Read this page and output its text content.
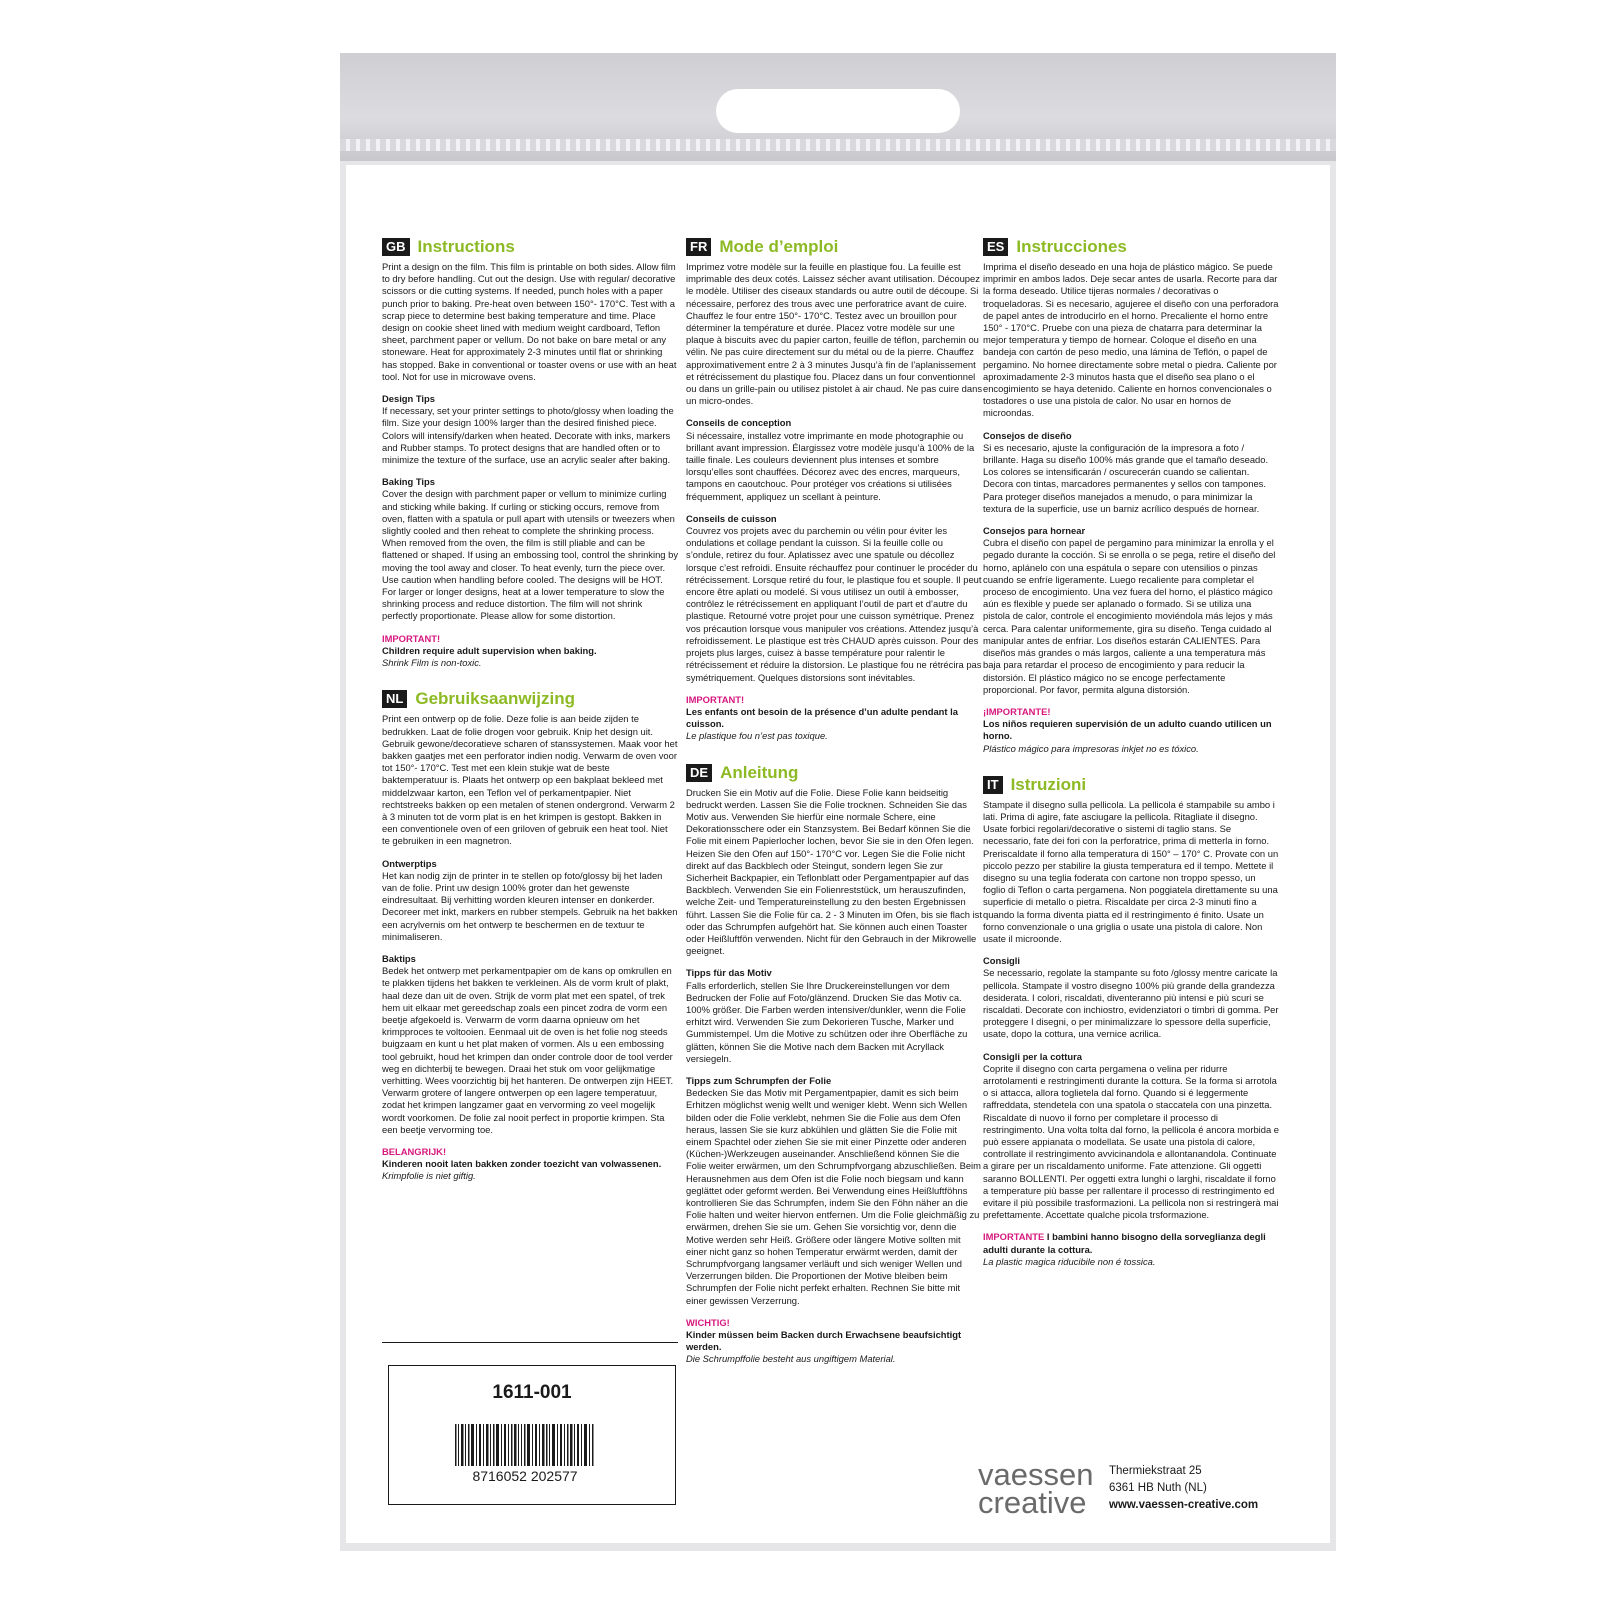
GB Instructions

Print a design on the film. This film is printable on both sides. Allow film to dry before handling. Cut out the design. Use with regular/ decorative scissors or die cutting systems. If needed, punch holes with a paper punch prior to baking. Pre-heat oven between 150°- 170°C. Test with a scrap piece to determine best baking temperature and time. Place design on cookie sheet lined with medium weight cardboard, Teflon sheet, parchment paper or vellum. Do not bake on bare metal or any stoneware. Heat for approximately 2-3 minutes until flat or shrinking has stopped. Bake in conventional or toaster ovens or use with an heat tool. Not for use in microwave ovens.

Design Tips

If necessary, set your printer settings to photo/glossy when loading the film. Size your design 100% larger than the desired finished piece. Colors will intensify/darken when heated. Decorate with inks, markers and Rubber stamps. To protect designs that are handled often or to minimize the texture of the surface, use an acrylic sealer after baking.

Baking Tips

Cover the design with parchment paper or vellum to minimize curling and sticking while baking. If curling or sticking occurs, remove from oven, flatten with a spatula or pull apart with utensils or tweezers when slightly cooled and then reheat to complete the shrinking process. When removed from the oven, the film is still pliable and can be flattened or shaped. If using an embossing tool, control the shrinking by moving the tool away and closer. To heat evenly, turn the piece over. Use caution when handling before cooled. The designs will be HOT. For larger or longer designs, heat at a lower temperature to slow the shrinking process and reduce distortion. The film will not shrink perfectly proportionate. Please allow for some distortion.

IMPORTANT!

Children require adult supervision when baking.

Shrink Film is non-toxic.

NL Gebruiksaanwijzing

Print een ontwerp op de folie. Deze folie is aan beide zijden te bedrukken. Laat de folie drogen voor gebruik. Knip het design uit. Gebruik gewone/decoratieve scharen of stanssystemen. Maak voor het bakken gaatjes met een perforator indien nodig. Verwarm de oven voor tot 150°- 170°C. Test met een klein stukje wat de beste baktemperatuur is. Plaats het ontwerp op een bakplaat bekleed met middelzwaar karton, een Teflon vel of perkamentpapier. Niet rechtstreeks bakken op een metalen of stenen ondergrond. Verwarm 2 à 3 minuten tot de vorm plat is en het krimpen is gestopt. Bakken in een conventionele oven of een griloven of gebruik een heat tool. Niet te gebruiken in een magnetron.

Ontwerptips

Het kan nodig zijn de printer in te stellen op foto/glossy bij het laden van de folie. Print uw design 100% groter dan het gewenste eindresultaat. Bij verhitting worden kleuren intenser en donkerder. Decoreer met inkt, markers en rubber stempels. Gebruik na het bakken een acrylvernis om het ontwerp te beschermen en de textuur te minimaliseren.

Baktips

Bedek het ontwerp met perkamentpapier om de kans op omkrullen en te plakken tijdens het bakken te verkleinen. Als de vorm krult of plakt, haal deze dan uit de oven. Strijk de vorm plat met een spatel, of trek hem uit elkaar met gereedschap zoals een pincet zodra de vorm een beetje afgekoeld is. Verwarm de vorm daarna opnieuw om het krimpproces te voltooien. Eenmaal uit de oven is het folie nog steeds buigzaam en kunt u het plat maken of vormen. Als u een embossing tool gebruikt, houd het krimpen dan onder controle door de tool verder weg en dichterbij te bewegen. Draai het stuk om voor gelijkmatige verhitting. Wees voorzichtig bij het hanteren. De ontwerpen zijn HEET. Verwarm grotere of langere ontwerpen op een lagere temperatuur, zodat het krimpen langzamer gaat en vervorming zo veel mogelijk wordt voorkomen. De folie zal nooit perfect in proportie krimpen. Sta een beetje vervorming toe.

BELANGRIJK!

Kinderen nooit laten bakken zonder toezicht van volwassenen.

Krimpfolie is niet giftig.

1611-001
8716052 202577
FR Mode d’emploi

Imprimez votre modèle sur la feuille en plastique fou. La feuille est imprimable des deux cotés. Laissez sécher avant utilisation. Découpez le modèle. Utiliser des ciseaux standards ou autre outil de découpe. Si nécessaire, perforez des trous avec une perforatrice avant de cuire. Chauffez le four entre 150°- 170°C. Testez avec un brouillon pour déterminer la température et durée. Placez votre modèle sur une plaque à biscuits avec du papier carton, feuille de téflon, parchemin ou vélin. Ne pas cuire directement sur du métal ou de la pierre. Chauffez approximativement entre 2 à 3 minutes Jusqu’à fin de l’aplanissement et rétrécissement du plastique fou. Placez dans un four conventionnel ou dans un grille-pain ou utilisez pistolet à air chaud. Ne pas cuire dans un micro-ondes.

Conseils de conception

Si nécessaire, installez votre imprimante en mode photographie ou brillant avant impression. Élargissez votre modèle jusqu’à 100% de la taille finale. Les couleurs deviennent plus intenses et sombre lorsqu’elles sont chauffées. Décorez avec des encres, marqueurs, tampons en caoutchouc. Pour protéger vos créations si utilisées fréquemment, appliquez un scellant à peinture.

Conseils de cuisson

Couvrez vos projets avec du parchemin ou vélin pour éviter les ondulations et collage pendant la cuisson. Si la feuille colle ou s’ondule, retirez du four. Aplatissez avec une spatule ou décollez lorsque c’est refroidi. Ensuite réchauffez pour continuer le procéder du rétrécissement. Lorsque retiré du four, le plastique fou et souple. Il peut encore être aplati ou modelé. Si vous utilisez un outil à embosser, contrôlez le rétrécissement en appliquant l’outil de part et d’autre du plastique. Retourné votre projet pour une cuisson symétrique. Prenez vos précaution lorsque vous manipuler vos créations. Attendez jusqu’à refroidissement. Le plastique est très CHAUD après cuisson. Pour des projets plus larges, cuisez à basse température pour ralentir le rétrécissement et réduire la distorsion. Le plastique fou ne rétrécira pas symétriquement. Quelques distorsions sont inévitables.

IMPORTANT!

Les enfants ont besoin de la présence d’un adulte pendant la cuisson.

Le plastique fou n’est pas toxique.

DE Anleitung

Drucken Sie ein Motiv auf die Folie. Diese Folie kann beidseitig bedruckt werden. Lassen Sie die Folie trocknen. Schneiden Sie das Motiv aus. Verwenden Sie hierfür eine normale Schere, eine Dekorationsschere oder ein Stanzsystem. Bei Bedarf können Sie die Folie mit einem Papierlocher lochen, bevor Sie sie in den Ofen legen. Heizen Sie den Ofen auf 150°- 170°C vor. Legen Sie die Folie nicht direkt auf das Backblech oder Steingut, sondern legen Sie zur Sicherheit Backpapier, ein Teflonblatt oder Pergamentpapier auf das Backblech. Verwenden Sie ein Folienreststück, um herauszufinden, welche Zeit- und Temperatureinstellung zu den besten Ergebnissen führt. Lassen Sie die Folie für ca. 2 - 3 Minuten im Ofen, bis sie flach ist oder das Schrumpfen aufgehört hat. Sie können auch einen Toaster oder Heißluftfön verwenden. Nicht für den Gebrauch in der Mikrowelle geeignet.

Tipps für das Motiv

Falls erforderlich, stellen Sie Ihre Druckereinstellungen vor dem Bedrucken der Folie auf Foto/glänzend. Drucken Sie das Motiv ca. 100% größer. Die Farben werden intensiver/dunkler, wenn die Folie erhitzt wird. Verwenden Sie zum Dekorieren Tusche, Marker und Gummistempel. Um die Motive zu schützen oder ihre Oberfläche zu glätten, können Sie die Motive nach dem Backen mit Acryllack versiegeln.

Tipps zum Schrumpfen der Folie

Bedecken Sie das Motiv mit Pergamentpapier, damit es sich beim Erhitzen möglichst wenig wellt und weniger klebt. Wenn sich Wellen bilden oder die Folie verklebt, nehmen Sie die Folie aus dem Ofen heraus, lassen Sie sie kurz abkühlen und glätten Sie die Folie mit einem Spachtel oder ziehen Sie sie mit einer Pinzette oder anderen (Küchen-)Werkzeugen auseinander. Anschließend können Sie die Folie weiter erwärmen, um den Schrumpfvorgang abzuschließen. Beim Herausnehmen aus dem Ofen ist die Folie noch biegsam und kann geglättet oder geformt werden. Bei Verwendung eines Heißluftföhns kontrollieren Sie das Schrumpfen, indem Sie den Föhn näher an die Folie halten und weiter hiervon entfernen. Um die Folie gleichmäßig zu erwärmen, drehen Sie sie um. Gehen Sie vorsichtig vor, denn die Motive werden sehr Heiß. Größere oder längere Motive sollten mit einer nicht ganz so hohen Temperatur erwärmt werden, damit der Schrumpfvorgang langsamer verläuft und sich weniger Wellen und Verzerrungen bilden. Die Proportionen der Motive bleiben beim Schrumpfen der Folie nicht perfekt erhalten. Rechnen Sie bitte mit einer gewissen Verzerrung.

WICHTIG!

Kinder müssen beim Backen durch Erwachsene beaufsichtigt werden.

Die Schrumpffolie besteht aus ungiftigem Material.

ES Instrucciones

Imprima el diseño deseado en una hoja de plástico mágico. Se puede imprimir en ambos lados. Deje secar antes de usarla. Recorte para dar la forma deseado. Utilice tijeras normales / decorativas o troqueladoras. Si es necesario, agujeree el diseño con una perforadora de papel antes de introducirlo en el horno. Precaliente el horno entre 150° - 170°C. Pruebe con una pieza de chatarra para determinar la mejor temperatura y tiempo de hornear. Coloque el diseño en una bandeja con cartón de peso medio, una lámina de Teflón, o papel de pergamino. No hornee directamente sobre metal o piedra. Caliente por aproximadamente 2-3 minutos hasta que el diseño sea plano o el encogimiento se haya detenido. Caliente en hornos convencionales o tostadores o use una pistola de calor. No usar en hornos de microondas.

Consejos de diseño

Si es necesario, ajuste la configuración de la impresora a foto / brillante. Haga su diseño 100% más grande que el tamaño deseado. Los colores se intensificarán / oscurecerán cuando se calientan. Decora con tintas, marcadores permanentes y sellos con tampones. Para proteger diseños manejados a menudo, o para minimizar la textura de la superficie, use un barniz acrílico después de hornear.

Consejos para hornear

Cubra el diseño con papel de pergamino para minimizar la enrolla y el pegado durante la cocción. Si se enrolla o se pega, retire el diseño del horno, aplánelo con una espátula o separe con utensilios o pinzas cuando se enfríe ligeramente. Luego recaliente para completar el proceso de encogimiento. Una vez fuera del horno, el plástico mágico aún es flexible y puede ser aplanado o formado. Si se utiliza una pistola de calor, controle el encogimiento moviéndola más lejos y más cerca. Para calentar uniformemente, gira su diseño. Tenga cuidado al manipular antes de enfriar. Los diseños estarán CALIENTES. Para diseños más grandes o más largos, caliente a una temperatura más baja para retardar el proceso de encogimiento y para reducir la distorsión. El plástico mágico no se encoge perfectamente proporcional. Por favor, permita alguna distorsión.

¡IMPORTANTE!

Los niños requieren supervisión de un adulto cuando utilicen un horno.

Plástico mágico para impresoras inkjet no es tóxico.

IT Istruzioni

Stampate il disegno sulla pellicola. La pellicola é stampabile su ambo i lati. Prima di agire, fate asciugare la pellicola. Ritagliate il disegno. Usate forbici regolari/decorative o sistemi di taglio stans. Se necessario, fate dei fori con la perforatrice, prima di metterla in forno. Preriscaldate il forno alla temperatura di 150° – 170° C. Provate con un piccolo pezzo per stabilire la giusta temperatura ed il tempo. Mettete il disegno su una teglia foderata con cartone non troppo spesso, un foglio di Teflon o carta pergamena. Non poggiatela direttamente su una superficie di metallo o pietra. Riscaldate per circa 2-3 minuti fino a quando la forma diventa piatta ed il restringimento é finito. Usate un forno convenzionale o una griglia o usate una pistola di calore. Non usate il microonde.

Consigli

Se necessario, regolate la stampante su foto /glossy mentre caricate la pellicola. Stampate il vostro disegno 100% più grande della grandezza desiderata. I colori, riscaldati, diventeranno più intensi e più scuri se riscaldati. Decorate con inchiostro, evidenziatori o timbri di gomma. Per proteggere I disegni, o per minimalizzare lo spessore della superficie, usate, dopo la cottura, una vernice acrilica.

Consigli per la cottura

Coprite il disegno con carta pergamena o velina per ridurre arrotolamenti e restringimenti durante la cottura. Se la forma si arrotola o si attacca, allora toglietela dal forno. Quando si é leggermente raffreddata, stendetela con una spatola o staccatela con una pinzetta. Riscaldate di nuovo il forno per completare il processo di restringimento. Una volta tolta dal forno, la pellicola é ancora morbida e può essere appianata o modellata. Se usate una pistola di calore, controllate il restringimento avvicinandola e allontanandola. Continuate a girare per un riscaldamento uniforme. Fate attenzione. Gli oggetti saranno BOLLENTI. Per oggetti extra lunghi o larghi, riscaldate il forno a temperature più basse per rallentare il processo di restringimento ed evitare il più possibile trasformazioni. La pellicola non si restringerà mai prefettamente. Accettate qualche picola trsformazione.

IMPORTANTE I bambini hanno bisogno della sorveglianza degli adulti durante la cottura.

La plastic magica riducibile non é tossica.

vaessen
creative

Thermiekstraat 25

6361 HB Nuth (NL)

www.vaessen-creative.com
